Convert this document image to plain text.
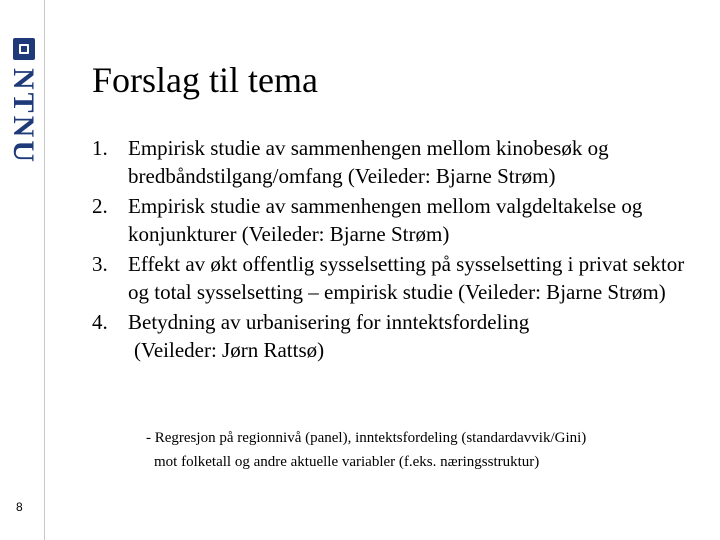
NTNU Forslag til tema
1. Empirisk studie av sammenhengen mellom kinobesøk og bredbåndstilgang/omfang (Veileder: Bjarne Strøm)
2. Empirisk studie av sammenhengen mellom valgdeltakelse og konjunkturer (Veileder: Bjarne Strøm)
3. Effekt av økt offentlig sysselsetting på sysselsetting i privat sektor og total sysselsetting – empirisk studie (Veileder: Bjarne Strøm)
4. Betydning av urbanisering for inntektsfordeling
(Veileder: Jørn Rattsø)
- Regresjon på regionnivå (panel), inntektsfordeling (standardavvik/Gini)
mot folketall og andre aktuelle variabler (f.eks. næringsstruktur)
8
